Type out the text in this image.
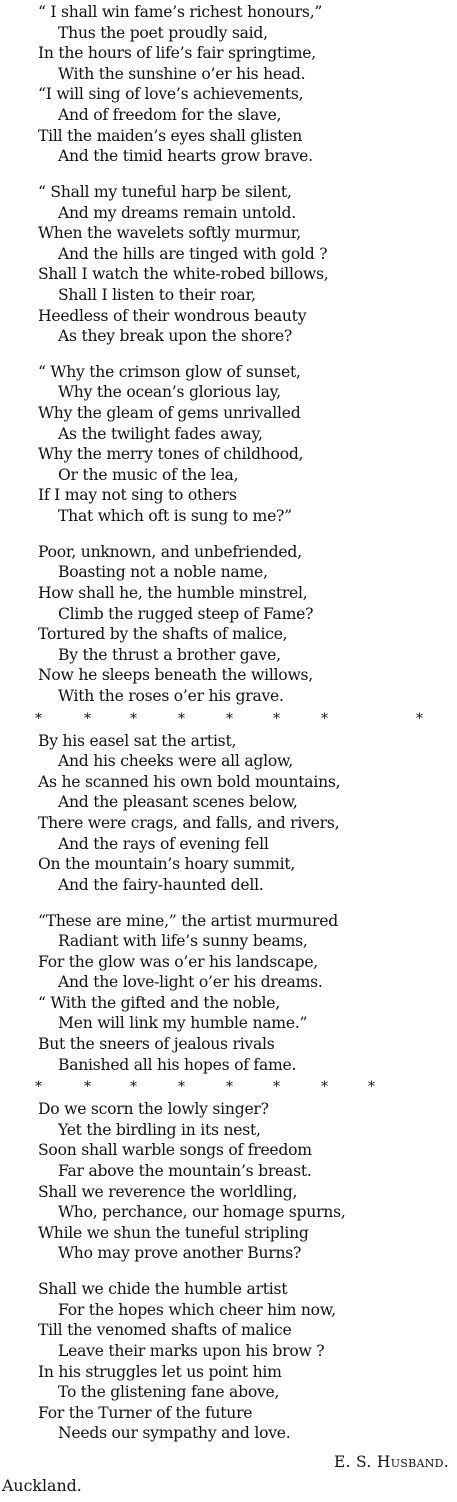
“ I shall win fame’s richest honours,”
Thus the poet proudly said,
In the hours of life’s fair springtime,
With the sunshine o’er his head.
“I will sing of love’s achievements,
And of freedom for the slave,
Till the maiden’s eyes shall glisten
And the timid hearts grow brave.
“ Shall my tuneful harp be silent,
And my dreams remain untold.
When the wavelets softly murmur,
And the hills are tinged with gold ?
Shall I watch the white-robed billows,
Shall I listen to their roar,
Heedless of their wondrous beauty
As they break upon the shore?
“ Why the crimson glow of sunset,
Why the ocean’s glorious lay,
Why the gleam of gems unrivalled
As the twilight fades away,
Why the merry tones of childhood,
Or the music of the lea,
If I may not sing to others
That which oft is sung to me?”
Poor, unknown, and unbefriended,
Boasting not a noble name,
How shall he, the humble minstrel,
Climb the rugged steep of Fame?
Tortured by the shafts of malice,
By the thrust a brother gave,
Now he sleeps beneath the willows,
With the roses o’er his grave.
*	*	*	*	*	*	*	*
By his easel sat the artist,
And his cheeks were all aglow,
As he scanned his own bold mountains,
And the pleasant scenes below,
There were crags, and falls, and rivers,
And the rays of evening fell
On the mountain’s hoary summit,
And the fairy-haunted dell.
“These are mine,” the artist murmured
Radiant with life’s sunny beams,
For the glow was o’er his landscape,
And the love-light o’er his dreams.
“ With the gifted and the noble,
Men will link my humble name.”
But the sneers of jealous rivals
Banished all his hopes of fame.
*	*	*	*	*	*	*	*
Do we scorn the lowly singer?
Yet the birdling in its nest,
Soon shall warble songs of freedom
Far above the mountain’s breast.
Shall we reverence the worldling,
Who, perchance, our homage spurns,
While we shun the tuneful stripling
Who may prove another Burns?
Shall we chide the humble artist
For the hopes which cheer him now,
Till the venomed shafts of malice
Leave their marks upon his brow ?
In his struggles let us point him
To the glistening fane above,
For the Turner of the future
Needs our sympathy and love.
E. S. Husband.
Auckland.
